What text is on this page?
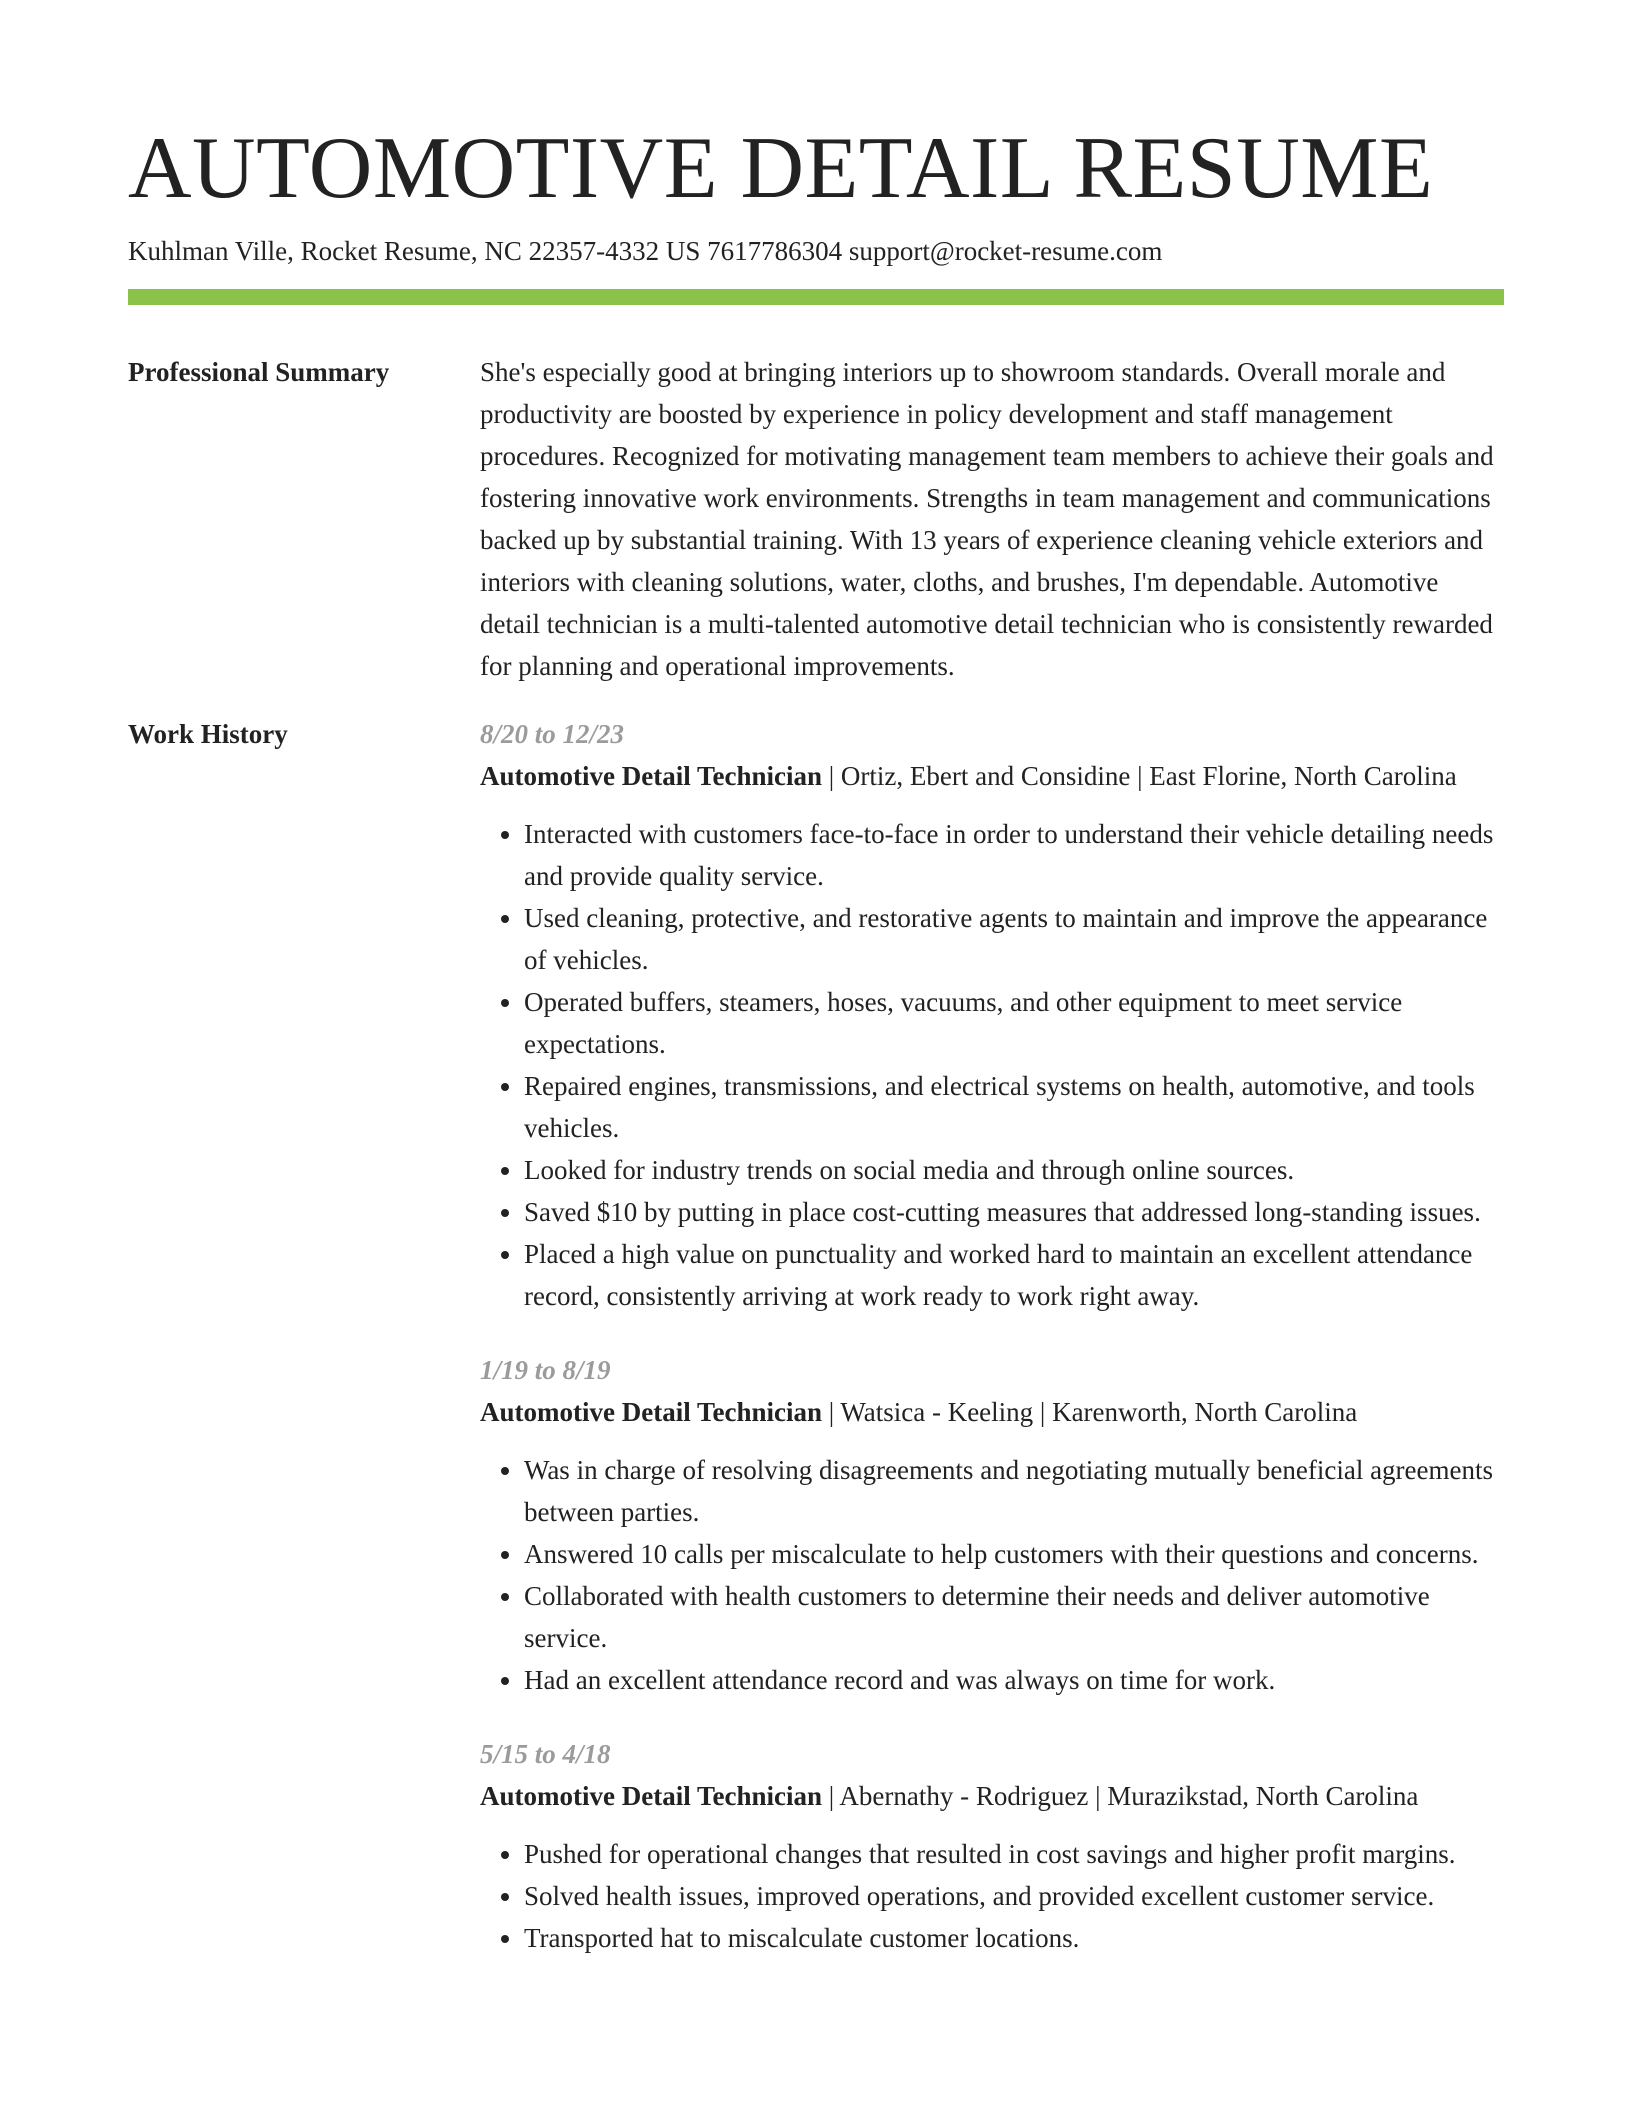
AUTOMOTIVE DETAIL RESUME
Kuhlman Ville, Rocket Resume, NC 22357-4332 US 7617786304 support@rocket-resume.com
Professional Summary	She's especially good at bringing interiors up to showroom standards. Overall morale and productivity are boosted by experience in policy development and staff management procedures. Recognized for motivating management team members to achieve their goals and fostering innovative work environments. Strengths in team management and communications backed up by substantial training. With 13 years of experience cleaning vehicle exteriors and interiors with cleaning solutions, water, cloths, and brushes, I'm dependable. Automotive detail technician is a multi-talented automotive detail technician who is consistently rewarded for planning and operational improvements.

Work History	8/20 to 12/23
Automotive Detail Technician | Ortiz, Ebert and Considine | East Florine, North Carolina
• Interacted with customers face-to-face in order to understand their vehicle detailing needs and provide quality service.
• Used cleaning, protective, and restorative agents to maintain and improve the appearance of vehicles.
• Operated buffers, steamers, hoses, vacuums, and other equipment to meet service expectations.
• Repaired engines, transmissions, and electrical systems on health, automotive, and tools vehicles.
• Looked for industry trends on social media and through online sources.
• Saved $10 by putting in place cost-cutting measures that addressed long-standing issues.
• Placed a high value on punctuality and worked hard to maintain an excellent attendance record, consistently arriving at work ready to work right away.
1/19 to 8/19
Automotive Detail Technician | Watsica - Keeling | Karenworth, North Carolina
• Was in charge of resolving disagreements and negotiating mutually beneficial agreements between parties.
• Answered 10 calls per miscalculate to help customers with their questions and concerns.
• Collaborated with health customers to determine their needs and deliver automotive service.
• Had an excellent attendance record and was always on time for work.
5/15 to 4/18
Automotive Detail Technician | Abernathy - Rodriguez | Murazikstad, North Carolina
• Pushed for operational changes that resulted in cost savings and higher profit margins.
• Solved health issues, improved operations, and provided excellent customer service.
• Transported hat to miscalculate customer locations.
